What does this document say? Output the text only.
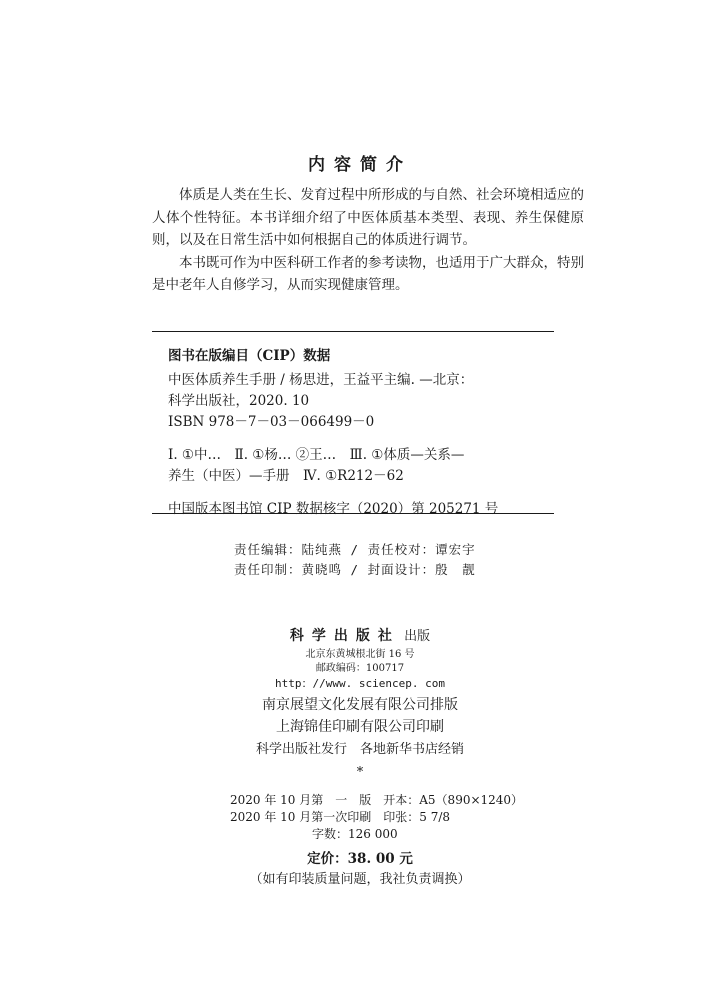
内容简介

体质是人类在生长、发育过程中所形成的与自然、社会环境相适应的人体个性特征。本书详细介绍了中医体质基本类型、表现、养生保健原则，以及在日常生活中如何根据自己的体质进行调节。

本书既可作为中医科研工作者的参考读物，也适用于广大群众，特别是中老年人自修学习，从而实现健康管理。

图书在版编目（CIP）数据
中医体质养生手册 / 杨思进，王益平主编. —北京：
科学出版社，2020. 10
ISBN 978－7－03－066499－0
Ⅰ. ①中…　Ⅱ. ①杨… ②王…　Ⅲ. ①体质—关系—
养生（中医）—手册　Ⅳ. ①R212－62
中国版本图书馆 CIP 数据核字（2020）第 205271 号
责任编辑：陆纯燕 / 责任校对：谭宏宇
责任印制：黄晓鸣 / 封面设计：殷　靓
科学出版社 出版
北京东黄城根北街 16 号
邮政编码：100717
http：//www. sciencep. com
南京展望文化发展有限公司排版
上海锦佳印刷有限公司印刷
科学出版社发行　各地新华书店经销
*
2020 年 10 月第　一　版　开本：A5（890×1240）
2020 年 10 月第一次印刷　印张：5 7/8
字数：126 000
定价：38. 00 元
（如有印装质量问题，我社负责调换）
